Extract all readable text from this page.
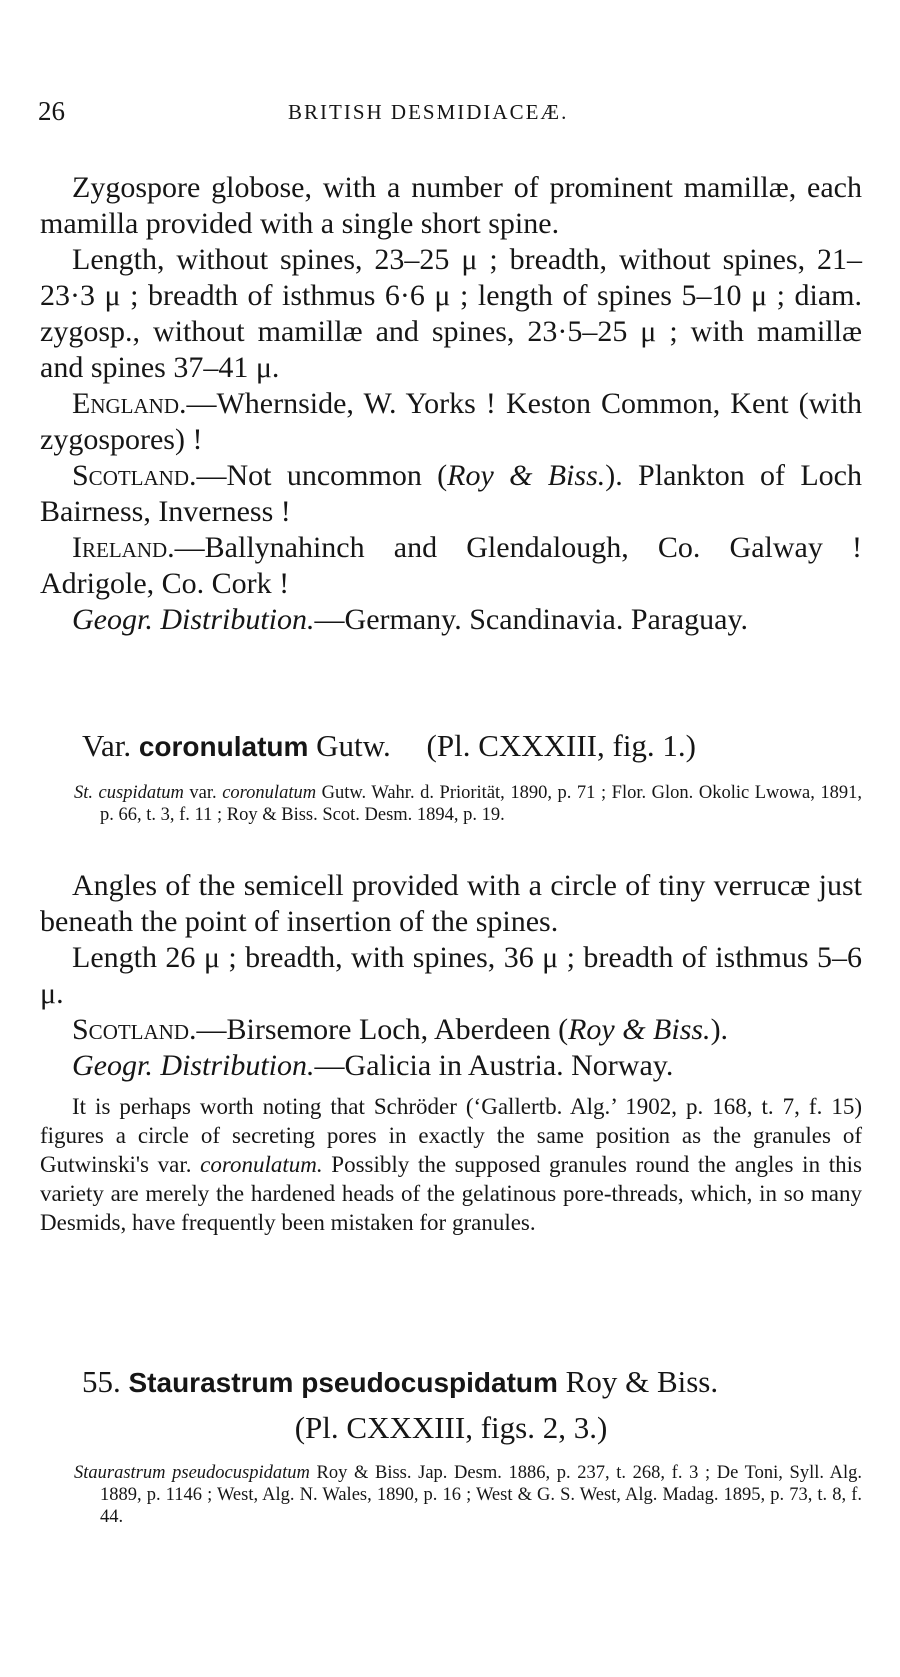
26	BRITISH DESMIDIACEÆ.

Zygospore globose, with a number of prominent mamillæ, each mamilla provided with a single short spine.

Length, without spines, 23–25 μ ; breadth, without spines, 21–23·3 μ ; breadth of isthmus 6·6 μ ; length of spines 5–10 μ ; diam. zygosp., without mamillæ and spines, 23·5–25 μ ; with mamillæ and spines 37–41 μ.

England.—Whernside, W. Yorks ! Keston Common, Kent (with zygospores) !

Scotland.—Not uncommon (Roy & Biss.). Plankton of Loch Bairness, Inverness !

Ireland.—Ballynahinch and Glendalough, Co. Galway ! Adrigole, Co. Cork !

Geogr. Distribution.—Germany. Scandinavia. Paraguay.

Var. coronulatum Gutw. (Pl. CXXXIII, fig. 1.)

St. cuspidatum var. coronulatum Gutw. Wahr. d. Priorität, 1890, p. 71 ; Flor. Glon. Okolic Lwowa, 1891, p. 66, t. 3, f. 11 ; Roy & Biss. Scot. Desm. 1894, p. 19.

Angles of the semicell provided with a circle of tiny verrucæ just beneath the point of insertion of the spines.

Length 26 μ ; breadth, with spines, 36 μ ; breadth of isthmus 5–6 μ.

Scotland.—Birsemore Loch, Aberdeen (Roy & Biss.).

Geogr. Distribution.—Galicia in Austria. Norway.

It is perhaps worth noting that Schröder (‘Gallertb. Alg.’ 1902, p. 168, t. 7, f. 15) figures a circle of secreting pores in exactly the same position as the granules of Gutwinski's var. coronulatum. Possibly the supposed granules round the angles in this variety are merely the hardened heads of the gelatinous pore-threads, which, in so many Desmids, have frequently been mistaken for granules.

55. Staurastrum pseudocuspidatum Roy & Biss.
(Pl. CXXXIII, figs. 2, 3.)

Staurastrum pseudocuspidatum Roy & Biss. Jap. Desm. 1886, p. 237, t. 268, f. 3 ; De Toni, Syll. Alg. 1889, p. 1146 ; West, Alg. N. Wales, 1890, p. 16 ; West & G. S. West, Alg. Madag. 1895, p. 73, t. 8, f. 44.
